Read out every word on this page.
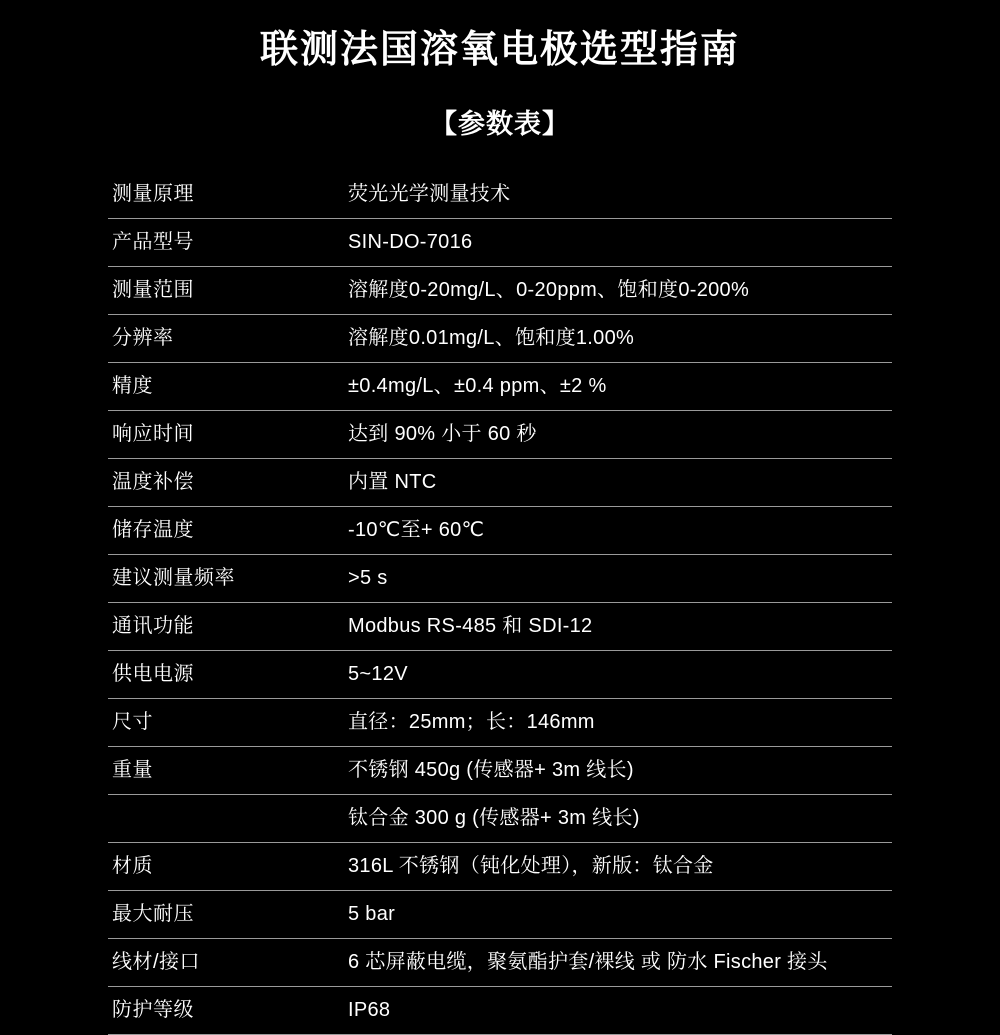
联测法国溶氧电极选型指南
【参数表】
测量原理	荧光光学测量技术
产品型号	SIN-DO-7016
测量范围	溶解度0-20mg/L、0-20ppm、饱和度0-200%
分辨率	溶解度0.01mg/L、饱和度1.00%
精度	±0.4mg/L、±0.4 ppm、±2 %
响应时间	达到 90% 小于 60 秒
温度补偿	内置 NTC
储存温度	-10℃至+ 60℃
建议测量频率	>5 s
通讯功能	Modbus RS-485 和 SDI-12
供电电源	5~12V
尺寸	直径：25mm；长：146mm
重量	不锈钢 450g (传感器+ 3m 线长)
	钛合金 300 g (传感器+ 3m 线长)
材质	316L 不锈钢（钝化处理），新版：钛合金
最大耐压	5 bar
线材/接口	6 芯屏蔽电缆，聚氨酯护套/裸线 或 防水 Fischer 接头
防护等级	IP68
